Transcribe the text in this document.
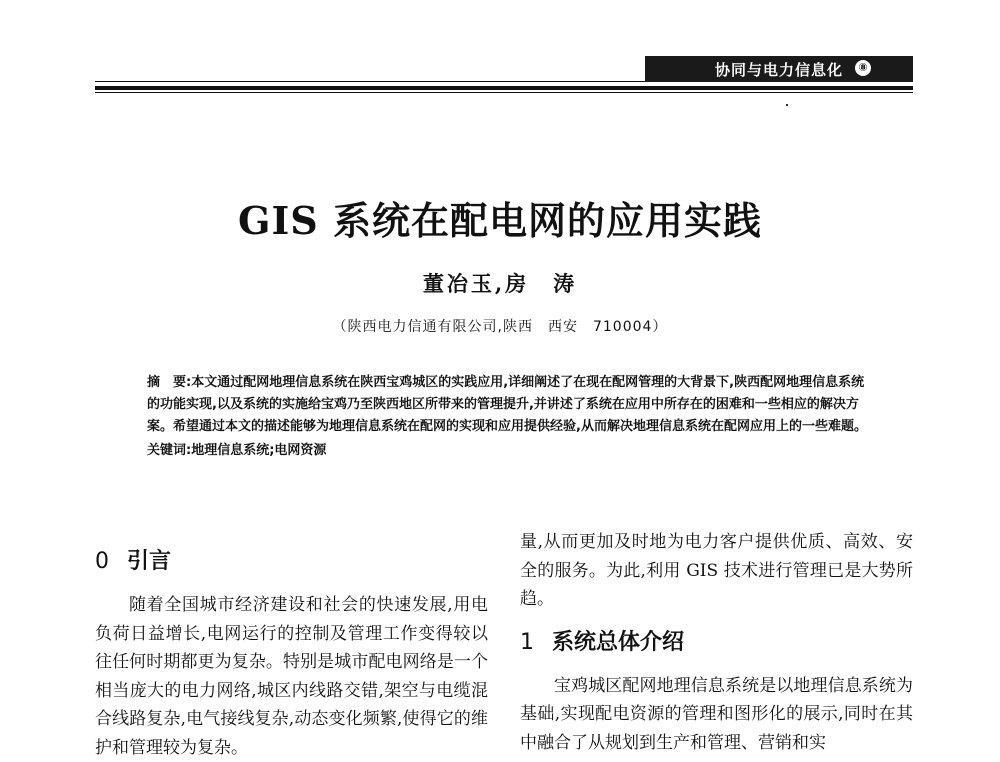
协同与电力信息化	⑧
GIS 系统在配电网的应用实践
董冶玉,房　涛
（陕西电力信通有限公司,陕西　西安　710004）
摘　要:本文通过配网地理信息系统在陕西宝鸡城区的实践应用,详细阐述了在现在配网管理的大背景下,陕西配网地理信息系统的功能实现,以及系统的实施给宝鸡乃至陕西地区所带来的管理提升,并讲述了系统在应用中所存在的困难和一些相应的解决方案。希望通过本文的描述能够为地理信息系统在配网的实现和应用提供经验,从而解决地理信息系统在配网应用上的一些难题。
关键词:地理信息系统;电网资源
0 引言

随着全国城市经济建设和社会的快速发展,用电负荷日益增长,电网运行的控制及管理工作变得较以往任何时期都更为复杂。特别是城市配电网络是一个相当庞大的电力网络,城区内线路交错,架空与电缆混合线路复杂,电气接线复杂,动态变化频繁,使得它的维护和管理较为复杂。

量,从而更加及时地为电力客户提供优质、高效、安全的服务。为此,利用 GIS 技术进行管理已是大势所趋。

1 系统总体介绍

宝鸡城区配网地理信息系统是以地理信息系统为基础,实现配电资源的管理和图形化的展示,同时在其中融合了从规划到生产和管理、营销和实
